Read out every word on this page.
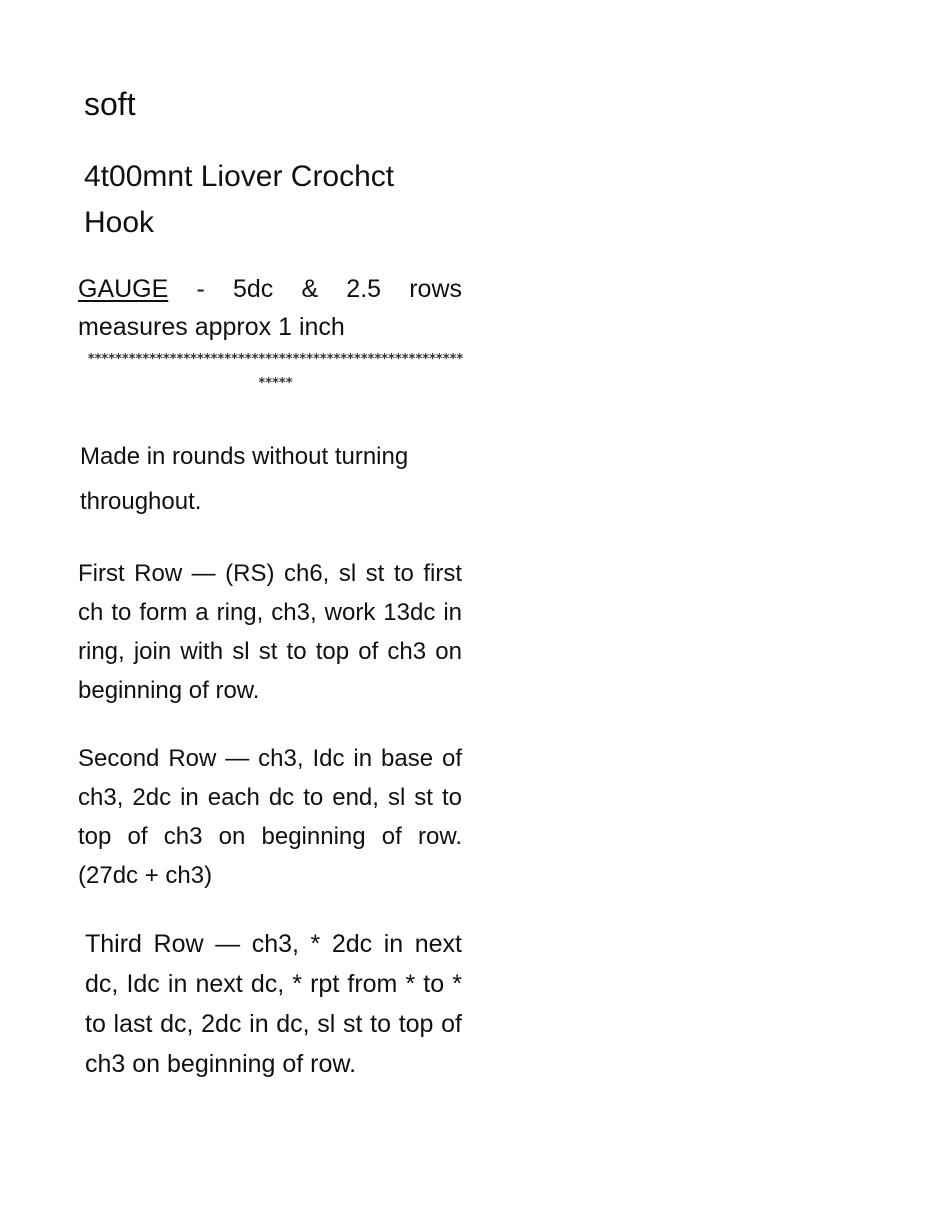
soft
4t00mnt Liover Crochct Hook
GAUGE - 5dc & 2.5 rows measures approx 1 inch
************************************************************
Made in rounds without turning throughout.
First Row — (RS) ch6, sl st to first ch to form a ring, ch3, work 13dc in ring, join with sl st to top of ch3 on beginning of row.
Second Row — ch3, Idc in base of ch3, 2dc in each dc to end, sl st to top of ch3 on beginning of row. (27dc + ch3)
Third Row — ch3, * 2dc in next dc, Idc in next dc, * rpt from * to * to last dc, 2dc in dc, sl st to top of ch3 on beginning of row.
